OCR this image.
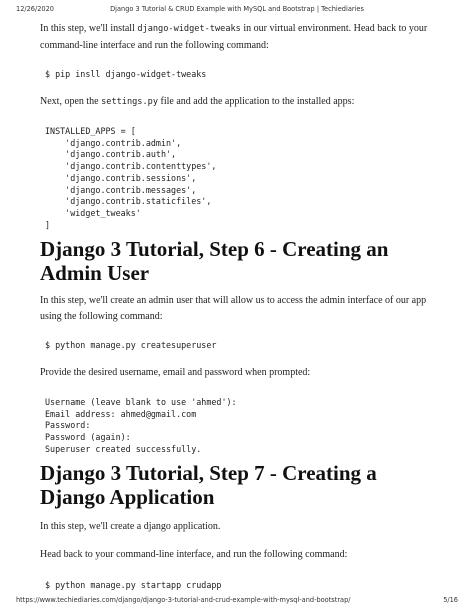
12/26/2020	Django 3 Tutorial & CRUD Example with MySQL and Bootstrap | Techiediaries
In this step, we'll install django-widget-tweaks in our virtual environment. Head back to your command-line interface and run the following command:
$ pip insll django-widget-tweaks
Next, open the settings.py file and add the application to the installed apps:
INSTALLED_APPS = [
'django.contrib.admin',
'django.contrib.auth',
'django.contrib.contenttypes',
'django.contrib.sessions',
'django.contrib.messages',
'django.contrib.staticfiles',
'widget_tweaks'
]
Django 3 Tutorial, Step 6 - Creating an Admin User
In this step, we'll create an admin user that will allow us to access the admin interface of our app using the following command:
$ python manage.py createsuperuser
Provide the desired username, email and password when prompted:
Username (leave blank to use 'ahmed'):
Email address: ahmed@gmail.com
Password:
Password (again):
Superuser created successfully.
Django 3 Tutorial, Step 7 - Creating a Django Application
In this step, we'll create a django application.
Head back to your command-line interface, and run the following command:
$ python manage.py startapp crudapp
https://www.techiediaries.com/django/django-3-tutorial-and-crud-example-with-mysql-and-bootstrap/	5/16
